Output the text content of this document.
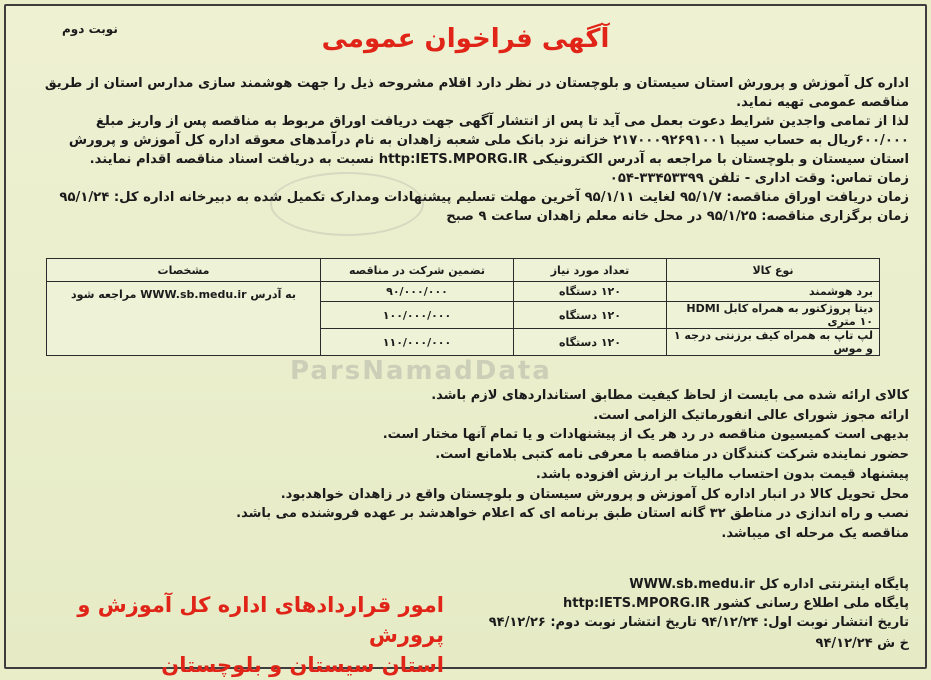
نوبت دوم	آگهی فراخوان عمومی

اداره کل آموزش و پرورش استان سیستان و بلوچستان در نظر دارد اقلام مشروحه ذیل را جهت هوشمند سازی مدارس استان از طریق مناقصه عمومی تهیه نماید.

لذا از تمامی واجدین شرایط دعوت بعمل می آید تا پس از انتشار آگهی جهت دریافت اوراق مربوط به مناقصه پس از واریز مبلغ ۶۰۰/۰۰۰ریال به حساب سیبا ۲۱۷۰۰۰۹۲۶۹۱۰۰۱ خزانه نزد بانک ملی شعبه زاهدان به نام درآمدهای معوقه اداره کل آموزش و پرورش استان سیستان و بلوچستان با مراجعه به آدرس الکترونیکی http:IETS.MPORG.IR نسبت به دریافت اسناد مناقصه اقدام نمایند.

زمان تماس: وقت اداری - تلفن ۳۳۴۵۳۳۹۹-۰۵۴

زمان دریافت اوراق مناقصه: ۹۵/۱/۷ لغایت ۹۵/۱/۱۱ آخرین مهلت تسلیم پیشنهادات ومدارک تکمیل شده به دبیرخانه اداره کل: ۹۵/۱/۲۴

زمان برگزاری مناقصه: ۹۵/۱/۲۵ در محل خانه معلم زاهدان ساعت ۹ صبح

نوع کالا	تعداد مورد نیاز	تضمین شرکت در مناقصه	مشخصات
برد هوشمند	۱۲۰ دستگاه	۹۰/۰۰۰/۰۰۰	به آدرس WWW.sb.medu.ir مراجعه شود
دیتا پروژکتور به همراه کابل HDMI ۱۰ متری	۱۲۰ دستگاه	۱۰۰/۰۰۰/۰۰۰	
لپ تاپ به همراه کیف برزنتی درجه ۱ و موس	۱۲۰ دستگاه	۱۱۰/۰۰۰/۰۰۰	
ParsNamadData
کالای ارائه شده می بایست از لحاظ کیفیت مطابق استانداردهای لازم باشد.
ارائه مجوز شورای عالی انفورماتیک الزامی است.
بدیهی است کمیسیون مناقصه در رد هر یک از پیشنهادات و یا تمام آنها مختار است.
حضور نماینده شرکت کنندگان در مناقصه با معرفی نامه کتبی بلامانع است.
پیشنهاد قیمت بدون احتساب مالیات بر ارزش افزوده باشد.
محل تحویل کالا در انبار اداره کل آموزش و پرورش سیستان و بلوچستان واقع در زاهدان خواهدبود.
نصب و راه اندازی در مناطق ۳۲ گانه استان طبق برنامه ای که اعلام خواهدشد بر عهده فروشنده می باشد.
مناقصه یک مرحله ای میباشد.
پایگاه اینترنتی اداره کل WWW.sb.medu.ir
پایگاه ملی اطلاع رسانی کشور http:IETS.MPORG.IR
تاریخ انتشار نوبت اول: ۹۴/۱۲/۲۴ تاریخ انتشار نوبت دوم: ۹۴/۱۲/۲۶
خ ش ۹۴/۱۲/۲۴
امور قراردادهای اداره کل آموزش و پرورش
استان سیستان و بلوچستان
